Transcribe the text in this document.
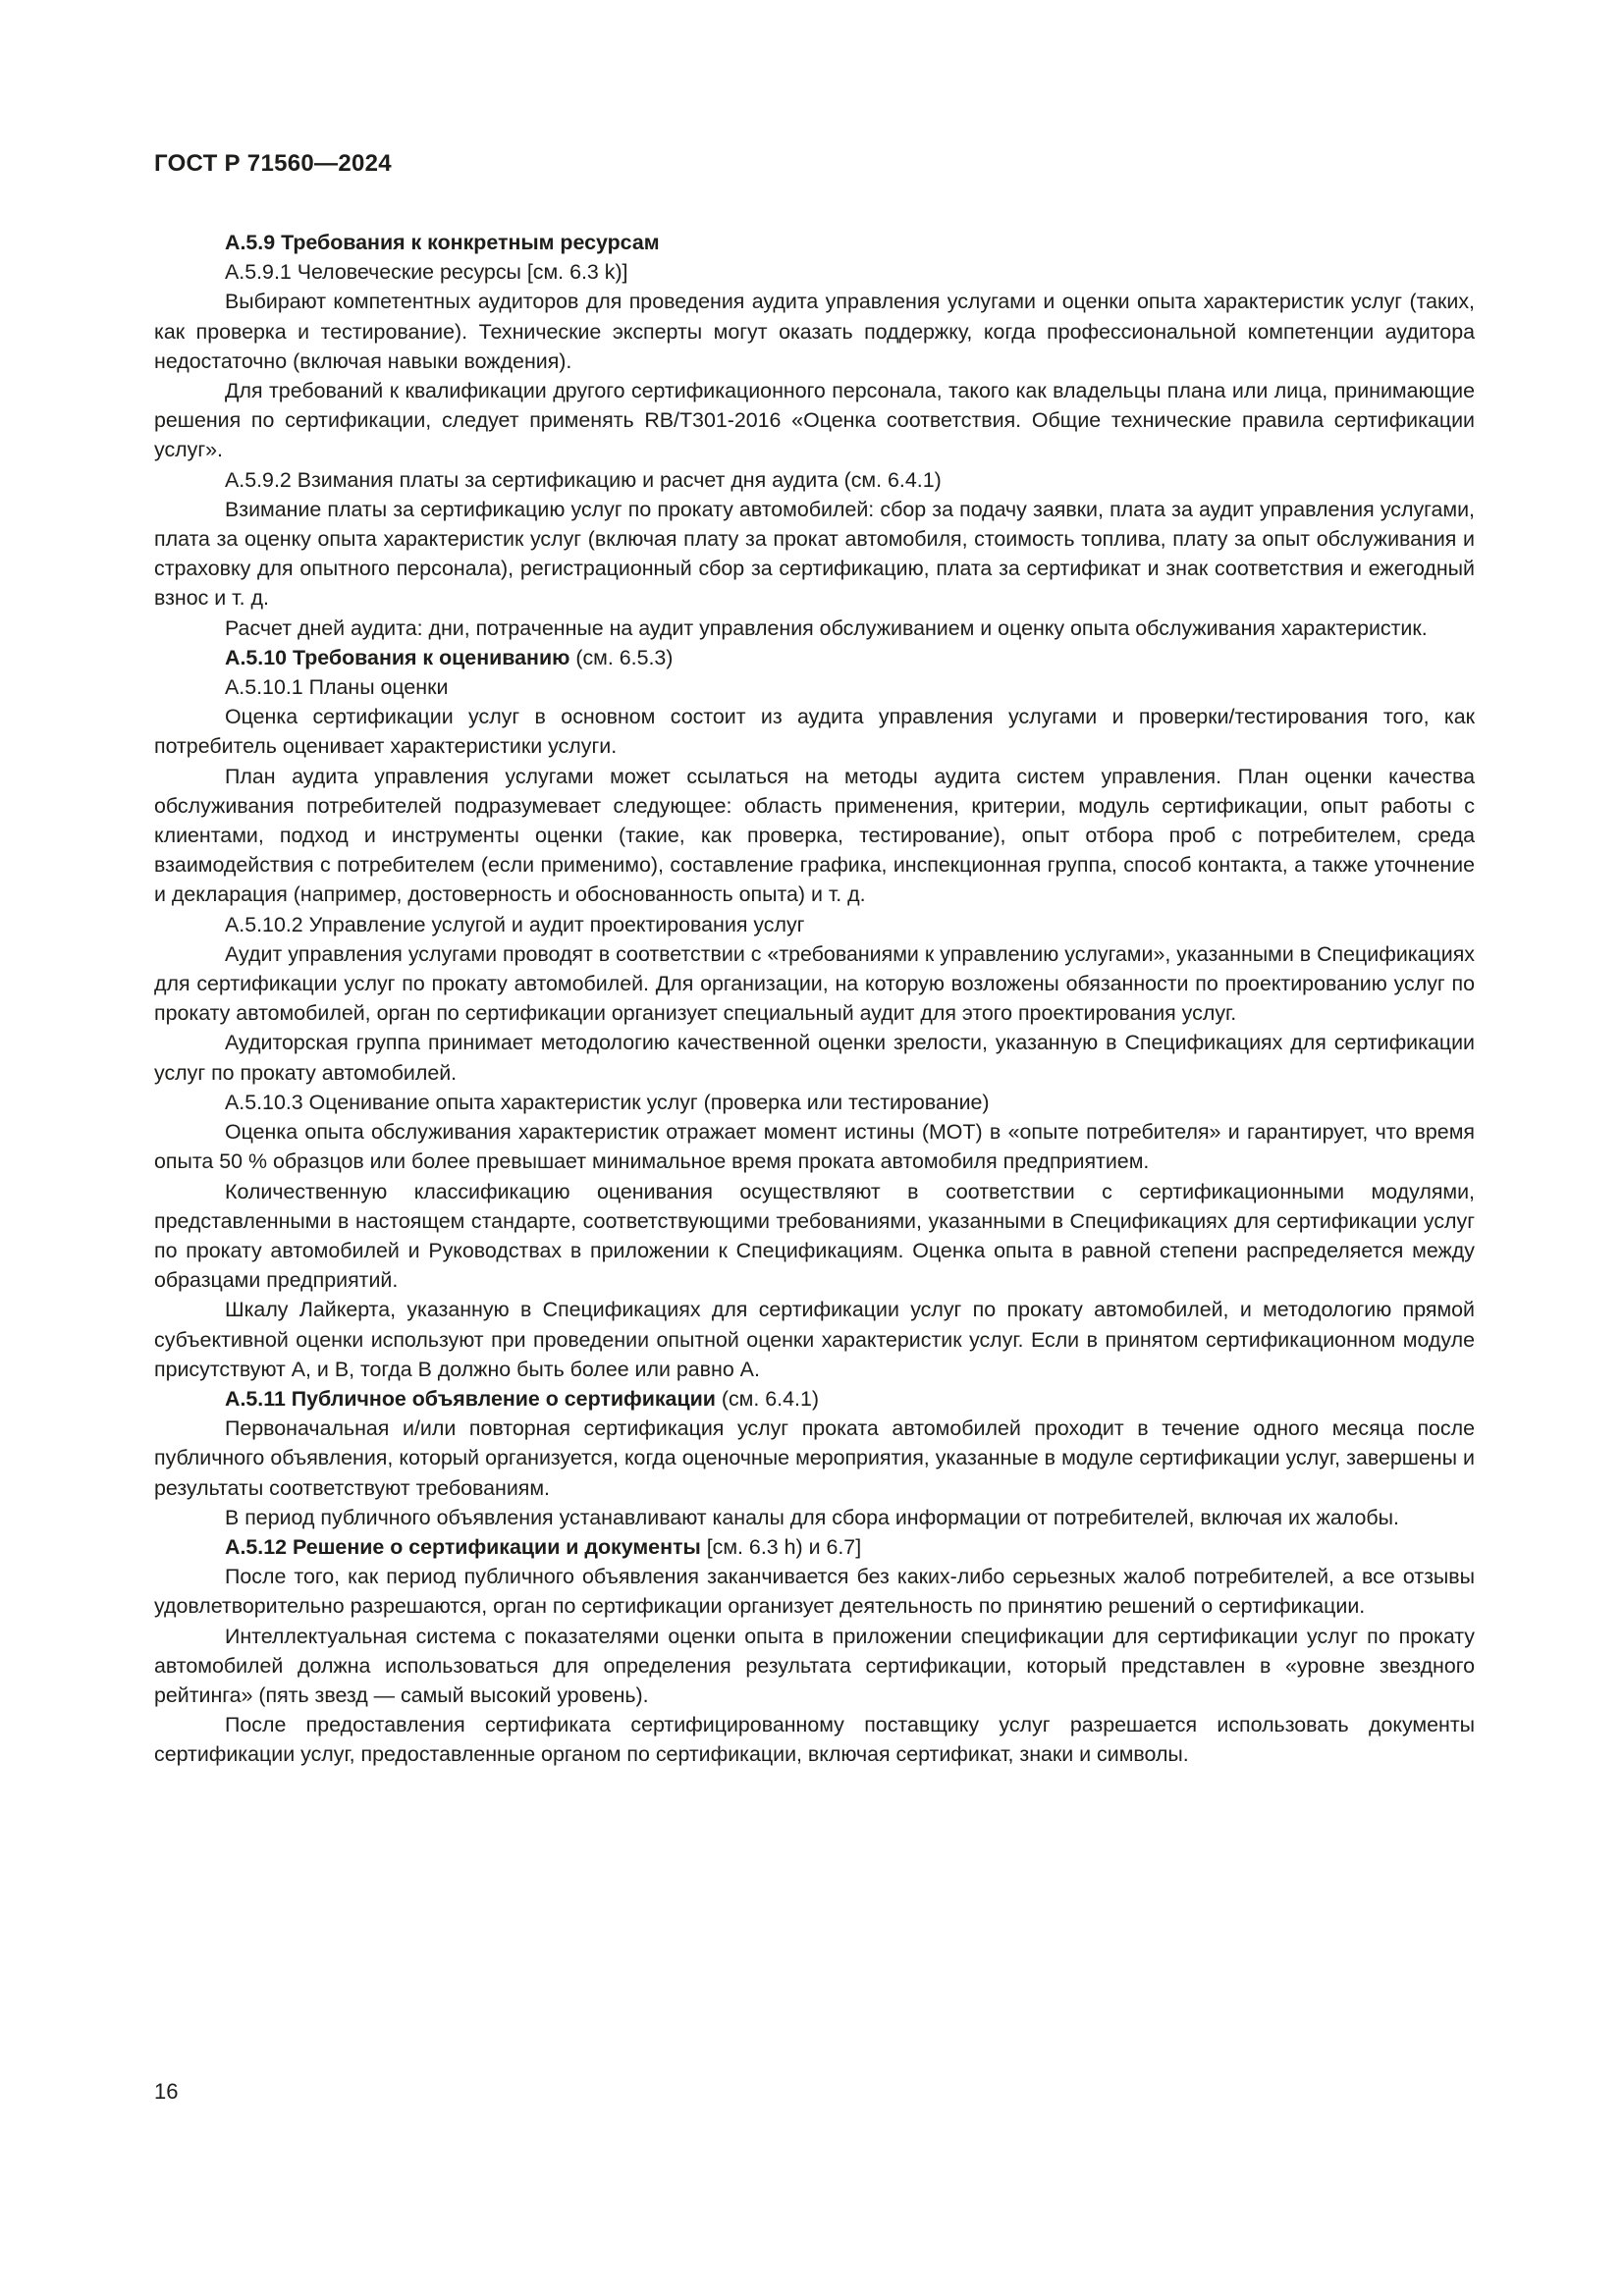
ГОСТ Р 71560—2024

А.5.9 Требования к конкретным ресурсам

А.5.9.1 Человеческие ресурсы [см. 6.3 k)]

Выбирают компетентных аудиторов для проведения аудита управления услугами и оценки опыта характеристик услуг (таких, как проверка и тестирование). Технические эксперты могут оказать поддержку, когда профессиональной компетенции аудитора недостаточно (включая навыки вождения).

Для требований к квалификации другого сертификационного персонала, такого как владельцы плана или лица, принимающие решения по сертификации, следует применять RB/T301-2016 «Оценка соответствия. Общие технические правила сертификации услуг».

А.5.9.2 Взимания платы за сертификацию и расчет дня аудита (см. 6.4.1)

Взимание платы за сертификацию услуг по прокату автомобилей: сбор за подачу заявки, плата за аудит управления услугами, плата за оценку опыта характеристик услуг (включая плату за прокат автомобиля, стоимость топлива, плату за опыт обслуживания и страховку для опытного персонала), регистрационный сбор за сертификацию, плата за сертификат и знак соответствия и ежегодный взнос и т. д.

Расчет дней аудита: дни, потраченные на аудит управления обслуживанием и оценку опыта обслуживания характеристик.

А.5.10 Требования к оцениванию (см. 6.5.3)

А.5.10.1 Планы оценки

Оценка сертификации услуг в основном состоит из аудита управления услугами и проверки/тестирования того, как потребитель оценивает характеристики услуги.

План аудита управления услугами может ссылаться на методы аудита систем управления. План оценки качества обслуживания потребителей подразумевает следующее: область применения, критерии, модуль сертификации, опыт работы с клиентами, подход и инструменты оценки (такие, как проверка, тестирование), опыт отбора проб с потребителем, среда взаимодействия с потребителем (если применимо), составление графика, инспекционная группа, способ контакта, а также уточнение и декларация (например, достоверность и обоснованность опыта) и т. д.

А.5.10.2 Управление услугой и аудит проектирования услуг

Аудит управления услугами проводят в соответствии с «требованиями к управлению услугами», указанными в Спецификациях для сертификации услуг по прокату автомобилей. Для организации, на которую возложены обязанности по проектированию услуг по прокату автомобилей, орган по сертификации организует специальный аудит для этого проектирования услуг.

Аудиторская группа принимает методологию качественной оценки зрелости, указанную в Спецификациях для сертификации услуг по прокату автомобилей.

А.5.10.3 Оценивание опыта характеристик услуг (проверка или тестирование)

Оценка опыта обслуживания характеристик отражает момент истины (МОТ) в «опыте потребителя» и гарантирует, что время опыта 50 % образцов или более превышает минимальное время проката автомобиля предприятием.

Количественную классификацию оценивания осуществляют в соответствии с сертификационными модулями, представленными в настоящем стандарте, соответствующими требованиями, указанными в Спецификациях для сертификации услуг по прокату автомобилей и Руководствах в приложении к Спецификациям. Оценка опыта в равной степени распределяется между образцами предприятий.

Шкалу Лайкерта, указанную в Спецификациях для сертификации услуг по прокату автомобилей, и методологию прямой субъективной оценки используют при проведении опытной оценки характеристик услуг. Если в принятом сертификационном модуле присутствуют A, и B, тогда B должно быть более или равно A.

А.5.11 Публичное объявление о сертификации (см. 6.4.1)

Первоначальная и/или повторная сертификация услуг проката автомобилей проходит в течение одного месяца после публичного объявления, который организуется, когда оценочные мероприятия, указанные в модуле сертификации услуг, завершены и результаты соответствуют требованиям.

В период публичного объявления устанавливают каналы для сбора информации от потребителей, включая их жалобы.

А.5.12 Решение о сертификации и документы [см. 6.3 h) и 6.7]

После того, как период публичного объявления заканчивается без каких-либо серьезных жалоб потребителей, а все отзывы удовлетворительно разрешаются, орган по сертификации организует деятельность по принятию решений о сертификации.

Интеллектуальная система с показателями оценки опыта в приложении спецификации для сертификации услуг по прокату автомобилей должна использоваться для определения результата сертификации, который представлен в «уровне звездного рейтинга» (пять звезд — самый высокий уровень).

После предоставления сертификата сертифицированному поставщику услуг разрешается использовать документы сертификации услуг, предоставленные органом по сертификации, включая сертификат, знаки и символы.

16
